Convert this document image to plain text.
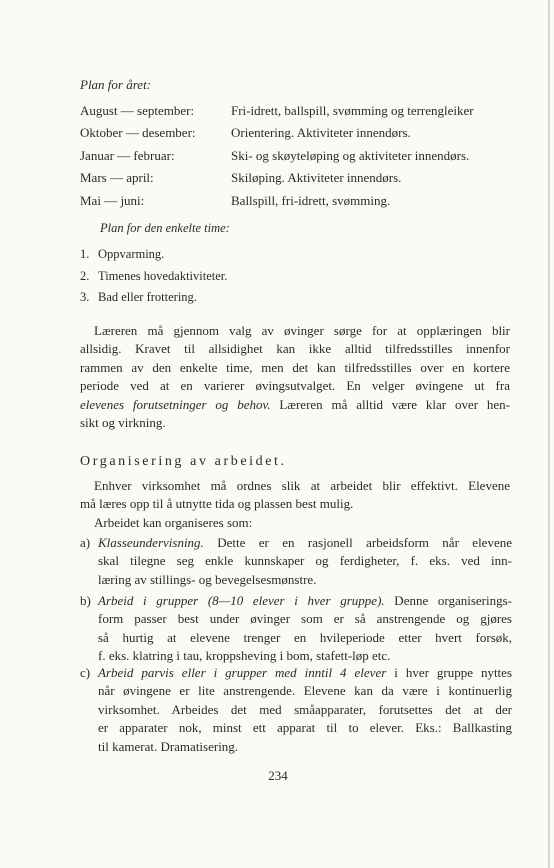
Plan for året:
August — september:	Fri-idrett, ballspill, svømming og terrengleiker
Oktober — desember:	Orientering. Aktiviteter innendørs.
Januar — februar:	Ski- og skøyteløping og aktiviteter innendørs.
Mars — april:	Skiløping. Aktiviteter innendørs.
Mai — juni:	Ballspill, fri-idrett, svømming.
Plan for den enkelte time:
1. Oppvarming.
2. Timenes hovedaktiviteter.
3. Bad eller frottering.
Læreren må gjennom valg av øvinger sørge for at opplæringen blir
allsidig. Kravet til allsidighet kan ikke alltid tilfredsstilles innenfor
rammen av den enkelte time, men det kan tilfredsstilles over en kortere
periode ved at en varierer øvingsutvalget. En velger øvingene ut fra
elevenes forutsetninger og behov. Læreren må alltid være klar over hen-
sikt og virkning.
Organisering av arbeidet.
Enhver virksomhet må ordnes slik at arbeidet blir effektivt. Elevene
må læres opp til å utnytte tida og plassen best mulig.
Arbeidet kan organiseres som:
a) Klasseundervisning. Dette er en rasjonell arbeidsform når elevene
skal tilegne seg enkle kunnskaper og ferdigheter, f. eks. ved inn-
læring av stillings- og bevegelsesmønstre.
b) Arbeid i grupper (8—10 elever i hver gruppe). Denne organiserings-
form passer best under øvinger som er så anstrengende og gjøres
så hurtig at elevene trenger en hvileperiode etter hvert forsøk,
f. eks. klatring i tau, kroppsheving i bom, stafett-løp etc.
c) Arbeid parvis eller i grupper med inntil 4 elever i hver gruppe nyttes
når øvingene er lite anstrengende. Elevene kan da være i kontinuerlig
virksomhet. Arbeides det med småapparater, forutsettes det at der
er apparater nok, minst ett apparat til to elever. Eks.: Ballkasting
til kamerat. Dramatisering.
234
